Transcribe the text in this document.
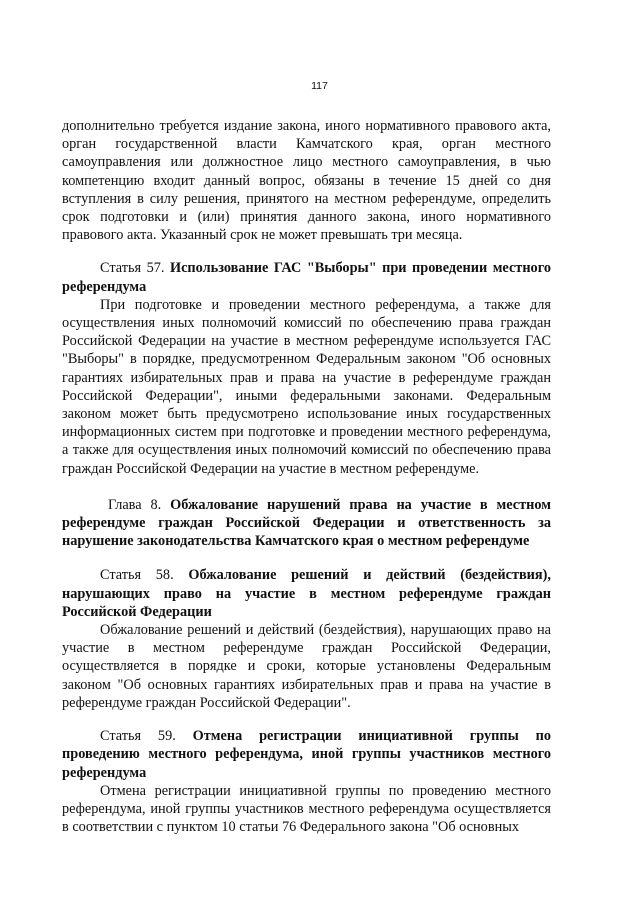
117

дополнительно требуется издание закона, иного нормативного правового акта, орган государственной власти Камчатского края, орган местного самоуправления или должностное лицо местного самоуправления, в чью компетенцию входит данный вопрос, обязаны в течение 15 дней со дня вступления в силу решения, принятого на местном референдуме, определить срок подготовки и (или) принятия данного закона, иного нормативного правового акта. Указанный срок не может превышать три месяца.

Статья 57. Использование ГАС "Выборы" при проведении местного референдума

При подготовке и проведении местного референдума, а также для осуществления иных полномочий комиссий по обеспечению права граждан Российской Федерации на участие в местном референдуме используется ГАС "Выборы" в порядке, предусмотренном Федеральным законом "Об основных гарантиях избирательных прав и права на участие в референдуме граждан Российской Федерации", иными федеральными законами. Федеральным законом может быть предусмотрено использование иных государственных информационных систем при подготовке и проведении местного референдума, а также для осуществления иных полномочий комиссий по обеспечению права граждан Российской Федерации на участие в местном референдуме.

Глава 8. Обжалование нарушений права на участие в местном референдуме граждан Российской Федерации и ответственность за нарушение законодательства Камчатского края о местном референдуме

Статья 58. Обжалование решений и действий (бездействия), нарушающих право на участие в местном референдуме граждан Российской Федерации

Обжалование решений и действий (бездействия), нарушающих право на участие в местном референдуме граждан Российской Федерации, осуществляется в порядке и сроки, которые установлены Федеральным законом "Об основных гарантиях избирательных прав и права на участие в референдуме граждан Российской Федерации".

Статья 59. Отмена регистрации инициативной группы по проведению местного референдума, иной группы участников местного референдума

Отмена регистрации инициативной группы по проведению местного референдума, иной группы участников местного референдума осуществляется в соответствии с пунктом 10 статьи 76 Федерального закона "Об основных
